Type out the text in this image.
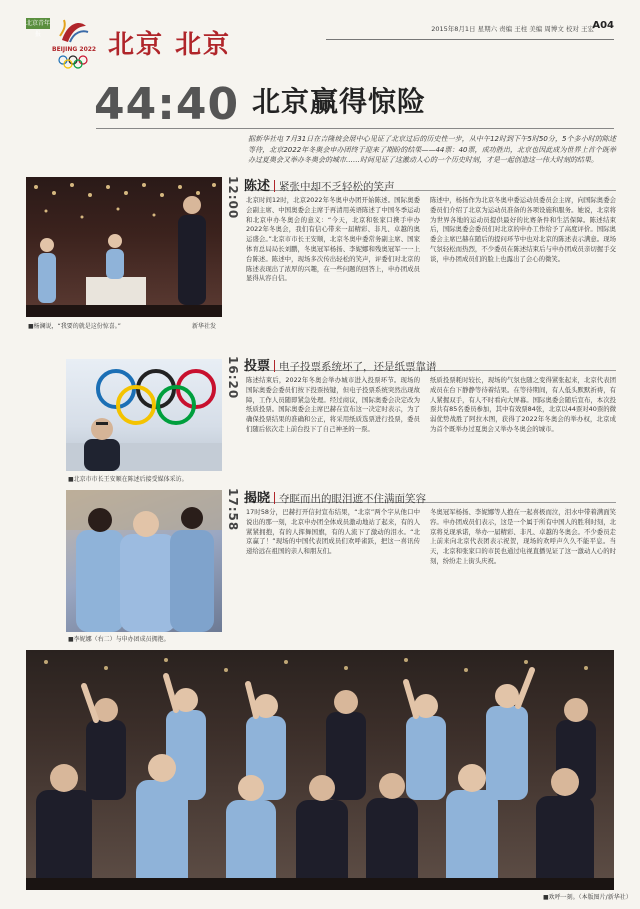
北京青年报
BEIJING 2022 北京 北京
2015年8月1日 星期六 责编 王柱 美编 周博文 校对 王宏
A04
44:40 北京赢得惊险
据新华社电 7月31日在吉隆坡会展中心见证了北京过后的历史性一步，从中午12时到下午5时50分，5个多小时的陈述等待，北京2022年冬奥会申办团终于迎来了期盼的结果——44票：40票，成功胜出，北京也因此成为世界上首个既举办过夏奥会又举办冬奥会的城市……时间见证了这激动人心的一个历史时刻，才是一起创造这一伟大时刻的结果。
■杨澜说，“我要的就是这份惊喜。”	新华社发
■北京市市长王安顺在陈述后接受媒体采访。
■李妮娜（右二）与申办团成员拥抱。
12:00
16:20
17:58
陈述 紧张中却不乏轻松的笑声
北京时间12时，北京2022年冬奥申办团开始陈述。国际奥委会副主席、中国奥委会主席于再清用英语陈述了中国冬季运动和北京申办冬奥会的意义：“今天，北京和张家口携手申办2022年冬奥会，我们有信心带来一届精彩、非凡、卓越的奥运盛会。”北京市市长王安顺，北京冬奥申委常务副主席、国家体育总局局长刘鹏，冬奥冠军杨扬、李妮娜和残奥冠军一一上台陈述。陈述中，现场多次传出轻松的笑声，评委们对北京的陈述表现出了浓厚的兴趣，在一些问题的回答上，申办团成员显得从容自信。
陈述中，杨扬作为北京冬奥申委运动员委员会主席，向国际奥委会委员们介绍了北京为运动员准备的各项设施和服务。她说，北京将为世界各地的运动员提供最好的比赛条件和生活保障。陈述结束后，国际奥委会委员们对北京的申办工作给予了高度评价。国际奥委会主席巴赫在随后的提问环节中也对北京的陈述表示满意。现场气氛轻松而热烈，不少委员在陈述结束后与申办团成员亲切握手交谈，申办团成员们的脸上也露出了会心的微笑。
投票 电子投票系统坏了，还是纸票靠谱
陈述结束后，2022年冬奥会举办城市进入投票环节。现场的国际奥委会委员们按下投票按键，但电子投票系统突然出现故障，工作人员随即紧急处理。经过商议，国际奥委会决定改为纸质投票。国际奥委会主席巴赫在宣布这一决定时表示，为了确保投票结果的准确和公正，将采用纸质选票进行投票，委员们随后依次走上前台投下了自己神圣的一票。
纸质投票耗时较长，现场的气氛也随之变得紧张起来，北京代表团成员在台下静静等待着结果。在等待期间，有人低头默默祈祷，有人紧握双手，有人不时看向大屏幕。国际奥委会随后宣布，本次投票共有85名委员参加，其中有效票84张，北京以44票对40票的微弱优势战胜了阿拉木图，获得了2022年冬奥会的举办权，北京成为首个既举办过夏奥会又举办冬奥会的城市。
揭晓 夺眶而出的眼泪遮不住满面笑容
17时58分，巴赫打开信封宣布结果，“北京”两个字从他口中说出的那一刻，北京申办团全体成员激动地站了起来，有的人紧紧拥抱，有的人挥舞国旗，有的人流下了激动的泪水。“北京赢了！”现场的中国代表团成员们欢呼雀跃，把这一喜讯传递给远在祖国的亲人和朋友们。
冬奥冠军杨扬、李妮娜等人抱在一起喜极而泣，泪水中带着满面笑容。申办团成员们表示，这是一个属于所有中国人的胜利时刻，北京将兑现承诺，举办一届精彩、非凡、卓越的冬奥会。不少委员走上前来向北京代表团表示祝贺，现场的欢呼声久久不能平息。当天，北京和张家口的市民也通过电视直播见证了这一激动人心的时刻，纷纷走上街头庆祝。
■欢呼一刻。（本版图片/新华社）
